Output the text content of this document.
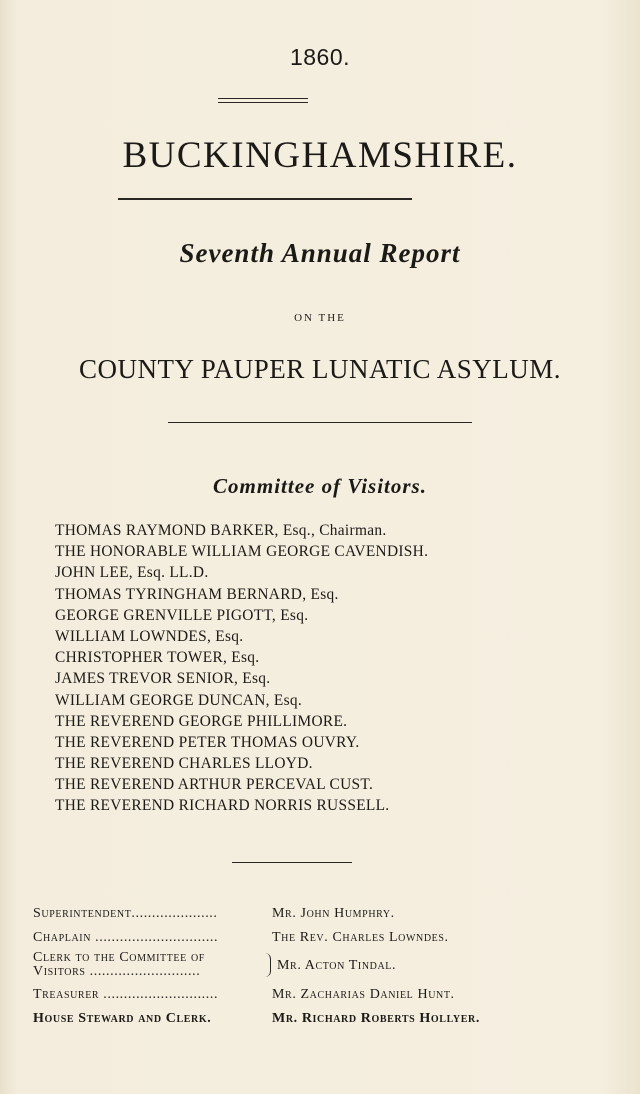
1860.
BUCKINGHAMSHIRE.
Seventh Annual Report
ON THE
COUNTY PAUPER LUNATIC ASYLUM.
Committee of Visitors.
THOMAS RAYMOND BARKER, Esq., Chairman.
THE HONORABLE WILLIAM GEORGE CAVENDISH.
JOHN LEE, Esq. LL.D.
THOMAS TYRINGHAM BERNARD, Esq.
GEORGE GRENVILLE PIGOTT, Esq.
WILLIAM LOWNDES, Esq.
CHRISTOPHER TOWER, Esq.
JAMES TREVOR SENIOR, Esq.
WILLIAM GEORGE DUNCAN, Esq.
THE REVEREND GEORGE PHILLIMORE.
THE REVEREND PETER THOMAS OUVRY.
THE REVEREND CHARLES LLOYD.
THE REVEREND ARTHUR PERCEVAL CUST.
THE REVEREND RICHARD NORRIS RUSSELL.
Superintendent.....................	Mr. John Humphry.
Chaplain ..............................	The Rev. Charles Lowndes.
Clerk to the Committee of
Visitors ...........................	Mr. Acton Tindal.
Treasurer ............................	Mr. Zacharias Daniel Hunt.
House Steward and Clerk.	Mr. Richard Roberts Hollyer.
